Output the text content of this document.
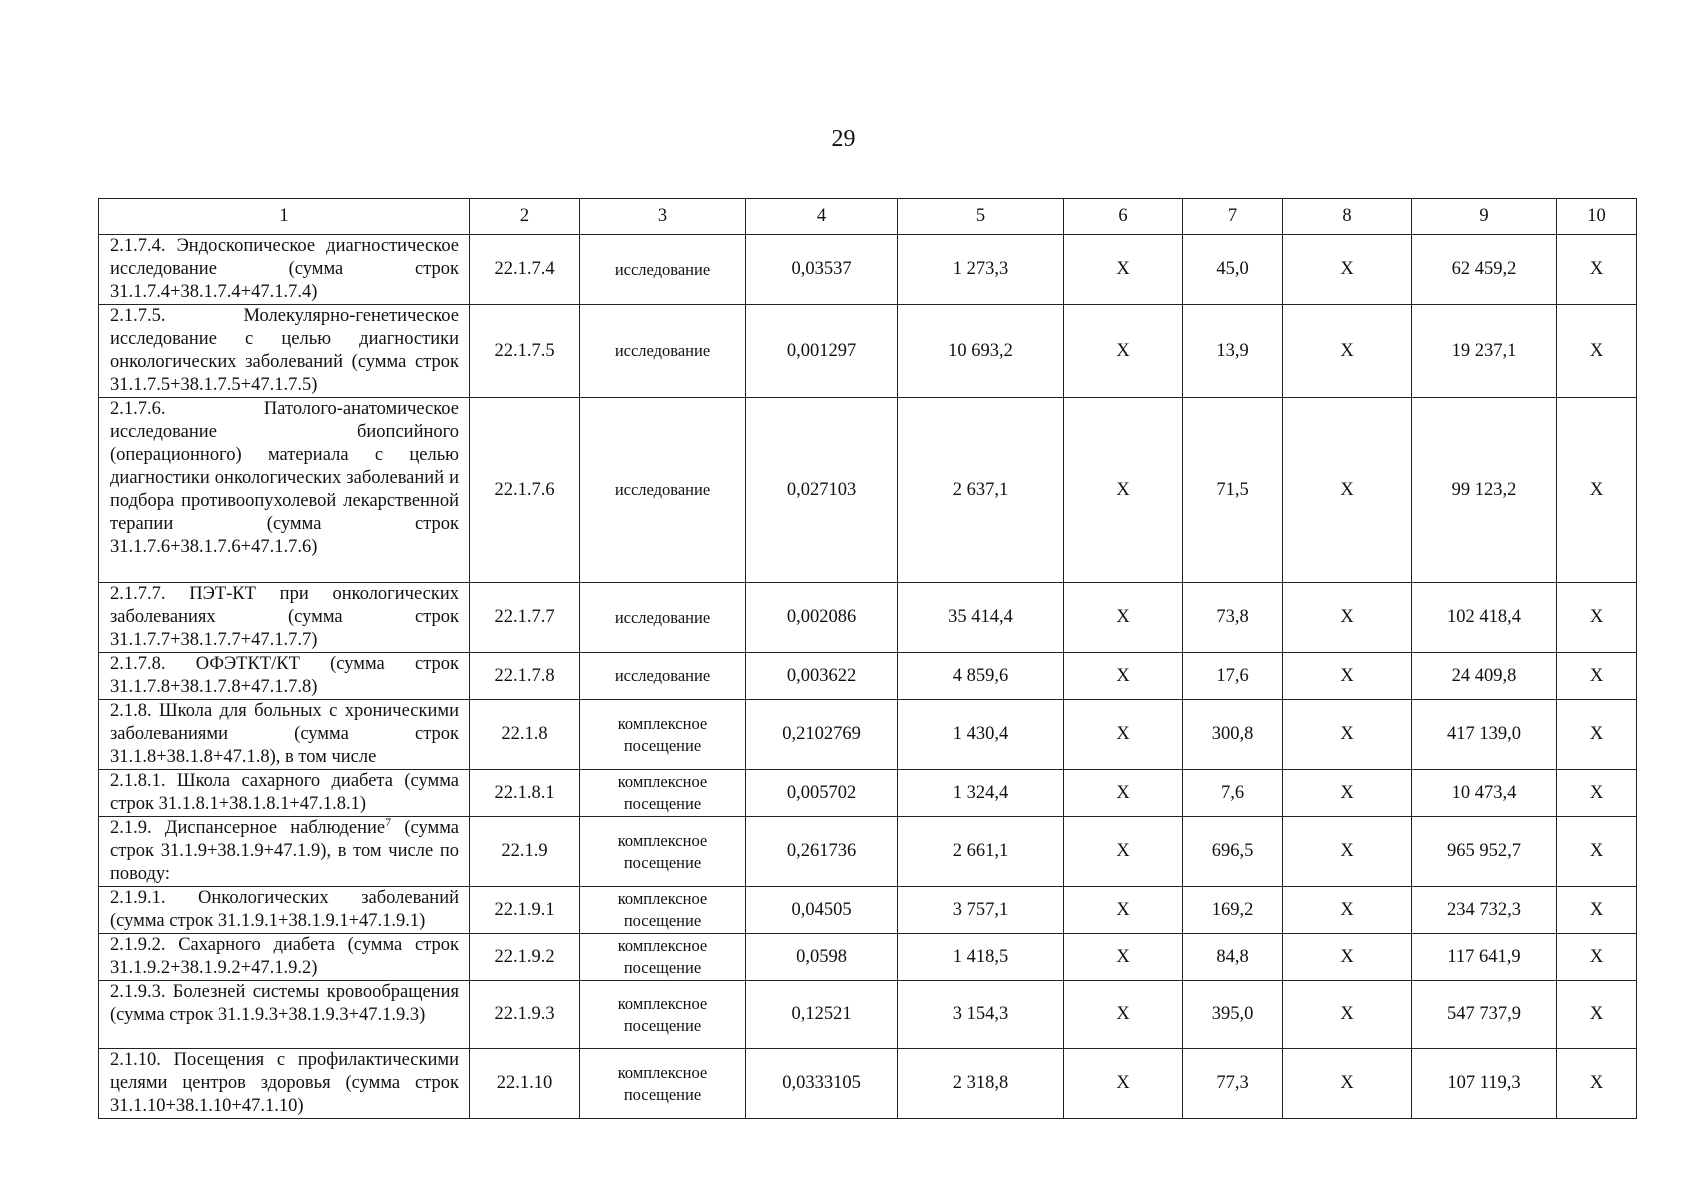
29
1	2	3	4	5	6	7	8	9	10
2.1.7.4. Эндоскопическое диагностическое исследование (сумма строк 31.1.7.4+38.1.7.4+47.1.7.4)	22.1.7.4	исследование	0,03537	1 273,3	X	45,0	X	62 459,2	X
2.1.7.5. Молекулярно-генетическое исследование с целью диагностики онкологических заболеваний (сумма строк 31.1.7.5+38.1.7.5+47.1.7.5)	22.1.7.5	исследование	0,001297	10 693,2	X	13,9	X	19 237,1	X
2.1.7.6. Патолого-анатомическое исследование биопсийного (операционного) материала с целью диагностики онкологических заболеваний и подбора противоопухолевой лекарственной терапии (сумма строк 31.1.7.6+38.1.7.6+47.1.7.6)	22.1.7.6	исследование	0,027103	2 637,1	X	71,5	X	99 123,2	X
2.1.7.7. ПЭТ-КТ при онкологических заболеваниях (сумма строк 31.1.7.7+38.1.7.7+47.1.7.7)	22.1.7.7	исследование	0,002086	35 414,4	X	73,8	X	102 418,4	X
2.1.7.8. ОФЭТКТ/КТ (сумма строк 31.1.7.8+38.1.7.8+47.1.7.8)	22.1.7.8	исследование	0,003622	4 859,6	X	17,6	X	24 409,8	X
2.1.8. Школа для больных с хроническими заболеваниями (сумма строк 31.1.8+38.1.8+47.1.8), в том числе	22.1.8	комплексное посещение	0,2102769	1 430,4	X	300,8	X	417 139,0	X
2.1.8.1. Школа сахарного диабета (сумма строк 31.1.8.1+38.1.8.1+47.1.8.1)	22.1.8.1	комплексное посещение	0,005702	1 324,4	X	7,6	X	10 473,4	X
2.1.9. Диспансерное наблюдение$^7$ (сумма строк 31.1.9+38.1.9+47.1.9), в том числе по поводу:	22.1.9	комплексное посещение	0,261736	2 661,1	X	696,5	X	965 952,7	X
2.1.9.1. Онкологических заболеваний (сумма строк 31.1.9.1+38.1.9.1+47.1.9.1)	22.1.9.1	комплексное посещение	0,04505	3 757,1	X	169,2	X	234 732,3	X
2.1.9.2. Сахарного диабета (сумма строк 31.1.9.2+38.1.9.2+47.1.9.2)	22.1.9.2	комплексное посещение	0,0598	1 418,5	X	84,8	X	117 641,9	X
2.1.9.3. Болезней системы кровообращения (сумма строк 31.1.9.3+38.1.9.3+47.1.9.3)	22.1.9.3	комплексное посещение	0,12521	3 154,3	X	395,0	X	547 737,9	X
2.1.10. Посещения с профилактическими целями центров здоровья (сумма строк 31.1.10+38.1.10+47.1.10)	22.1.10	комплексное посещение	0,0333105	2 318,8	X	77,3	X	107 119,3	X
